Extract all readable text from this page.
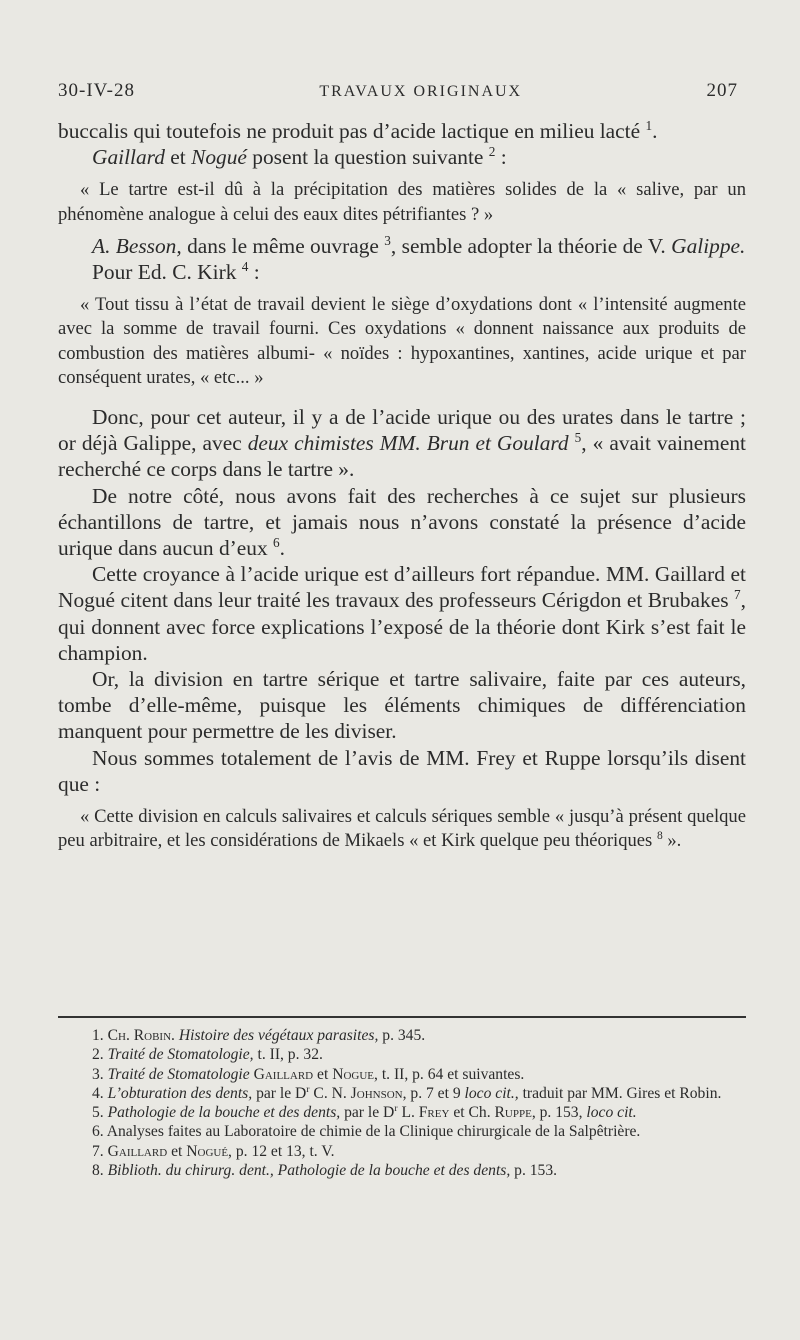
30-IV-28	TRAVAUX ORIGINAUX	207

buccalis qui toutefois ne produit pas d’acide lactique en milieu lacté $^1$.

Gaillard et Nogué posent la question suivante $^2$ :

« Le tartre est-il dû à la précipitation des matières solides de la « salive, par un phénomène analogue à celui des eaux dites pétrifiantes ? »

A. Besson, dans le même ouvrage $^3$, semble adopter la théorie de V. Galippe.

Pour Ed. C. Kirk $^4$ :

« Tout tissu à l’état de travail devient le siège d’oxydations dont « l’intensité augmente avec la somme de travail fourni. Ces oxydations « donnent naissance aux produits de combustion des matières albumi- « noïdes : hypoxantines, xantines, acide urique et par conséquent urates, « etc... »

Donc, pour cet auteur, il y a de l’acide urique ou des urates dans le tartre ; or déjà Galippe, avec deux chimistes MM. Brun et Goulard $^5$, « avait vainement recherché ce corps dans le tartre ».

De notre côté, nous avons fait des recherches à ce sujet sur plusieurs échantillons de tartre, et jamais nous n’avons constaté la présence d’acide urique dans aucun d’eux $^6$.

Cette croyance à l’acide urique est d’ailleurs fort répandue. MM. Gaillard et Nogué citent dans leur traité les travaux des professeurs Cérigdon et Brubakes $^7$, qui donnent avec force explications l’exposé de la théorie dont Kirk s’est fait le champion.

Or, la division en tartre sérique et tartre salivaire, faite par ces auteurs, tombe d’elle-même, puisque les éléments chimiques de différenciation manquent pour permettre de les diviser.

Nous sommes totalement de l’avis de MM. Frey et Ruppe lorsqu’ils disent que :

« Cette division en calculs salivaires et calculs sériques semble « jusqu’à présent quelque peu arbitraire, et les considérations de Mikaels « et Kirk quelque peu théoriques $^8$ ».

1. Ch. Robin. Histoire des végétaux parasites, p. 345.

2. Traité de Stomatologie, t. II, p. 32.

3. Traité de Stomatologie Gaillard et Nogue, t. II, p. 64 et suivantes.

4. L’obturation des dents, par le $D^r$ C. N. Johnson, p. 7 et 9 loco cit., traduit par MM. Gires et Robin.

5. Pathologie de la bouche et des dents, par le $D^r$ L. Frey et Ch. Ruppe, p. 153, loco cit.

6. Analyses faites au Laboratoire de chimie de la Clinique chirurgicale de la Salpêtrière.

7. Gaillard et Nogué, p. 12 et 13, t. V.

8. Biblioth. du chirurg. dent., Pathologie de la bouche et des dents, p. 153.
